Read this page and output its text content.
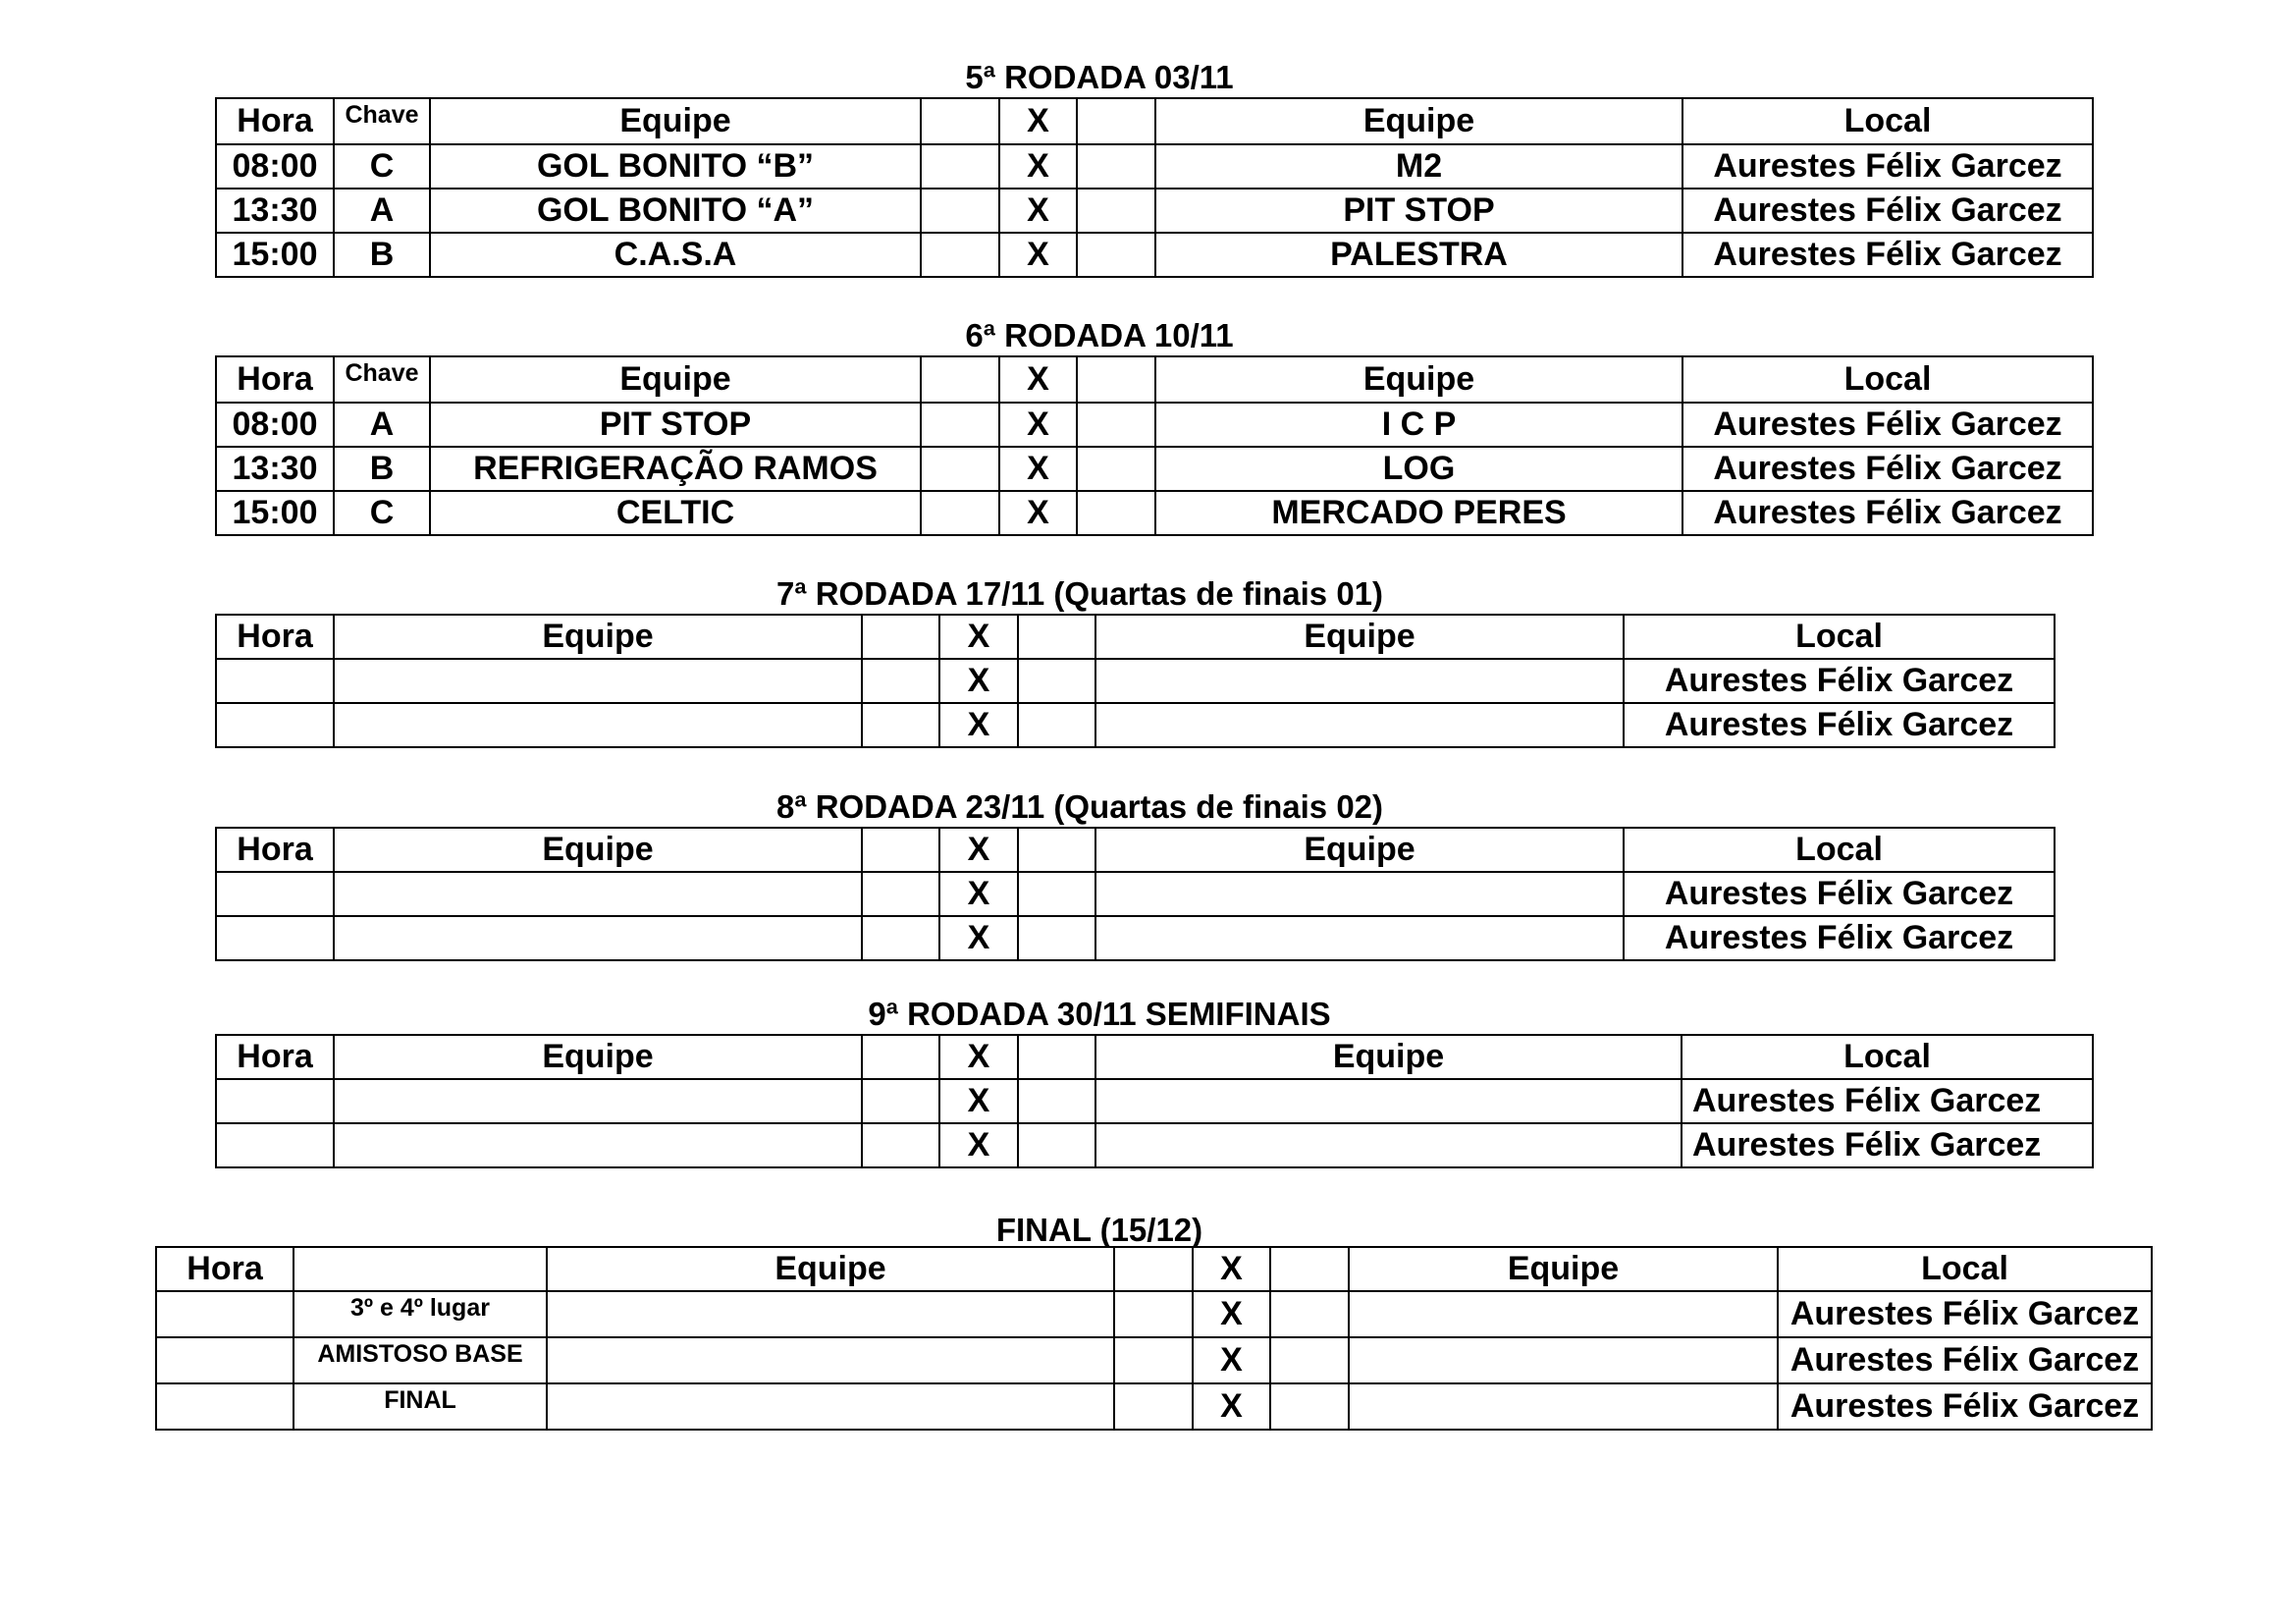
5ª RODADA 03/11
Hora	Chave	Equipe		X		Equipe	Local
08:00	C	GOL BONITO “B”		X		M2	Aurestes Félix Garcez
13:30	A	GOL BONITO “A”		X		PIT STOP	Aurestes Félix Garcez
15:00	B	C.A.S.A		X		PALESTRA	Aurestes Félix Garcez
6ª RODADA 10/11
Hora	Chave	Equipe		X		Equipe	Local
08:00	A	PIT STOP		X		I C P	Aurestes Félix Garcez
13:30	B	REFRIGERAÇÃO RAMOS		X		LOG	Aurestes Félix Garcez
15:00	C	CELTIC		X		MERCADO PERES	Aurestes Félix Garcez
7ª RODADA 17/11 (Quartas de finais 01)
Hora	Equipe		X		Equipe	Local
			X			Aurestes Félix Garcez
			X			Aurestes Félix Garcez
8ª RODADA 23/11 (Quartas de finais 02)
Hora	Equipe		X		Equipe	Local
			X			Aurestes Félix Garcez
			X			Aurestes Félix Garcez
9ª RODADA 30/11 SEMIFINAIS
Hora	Equipe		X		Equipe	Local
			X			Aurestes Félix Garcez
			X			Aurestes Félix Garcez
FINAL (15/12)
Hora		Equipe		X		Equipe	Local
	3º e 4º lugar			X			Aurestes Félix Garcez
	AMISTOSO BASE			X			Aurestes Félix Garcez
	FINAL			X			Aurestes Félix Garcez
